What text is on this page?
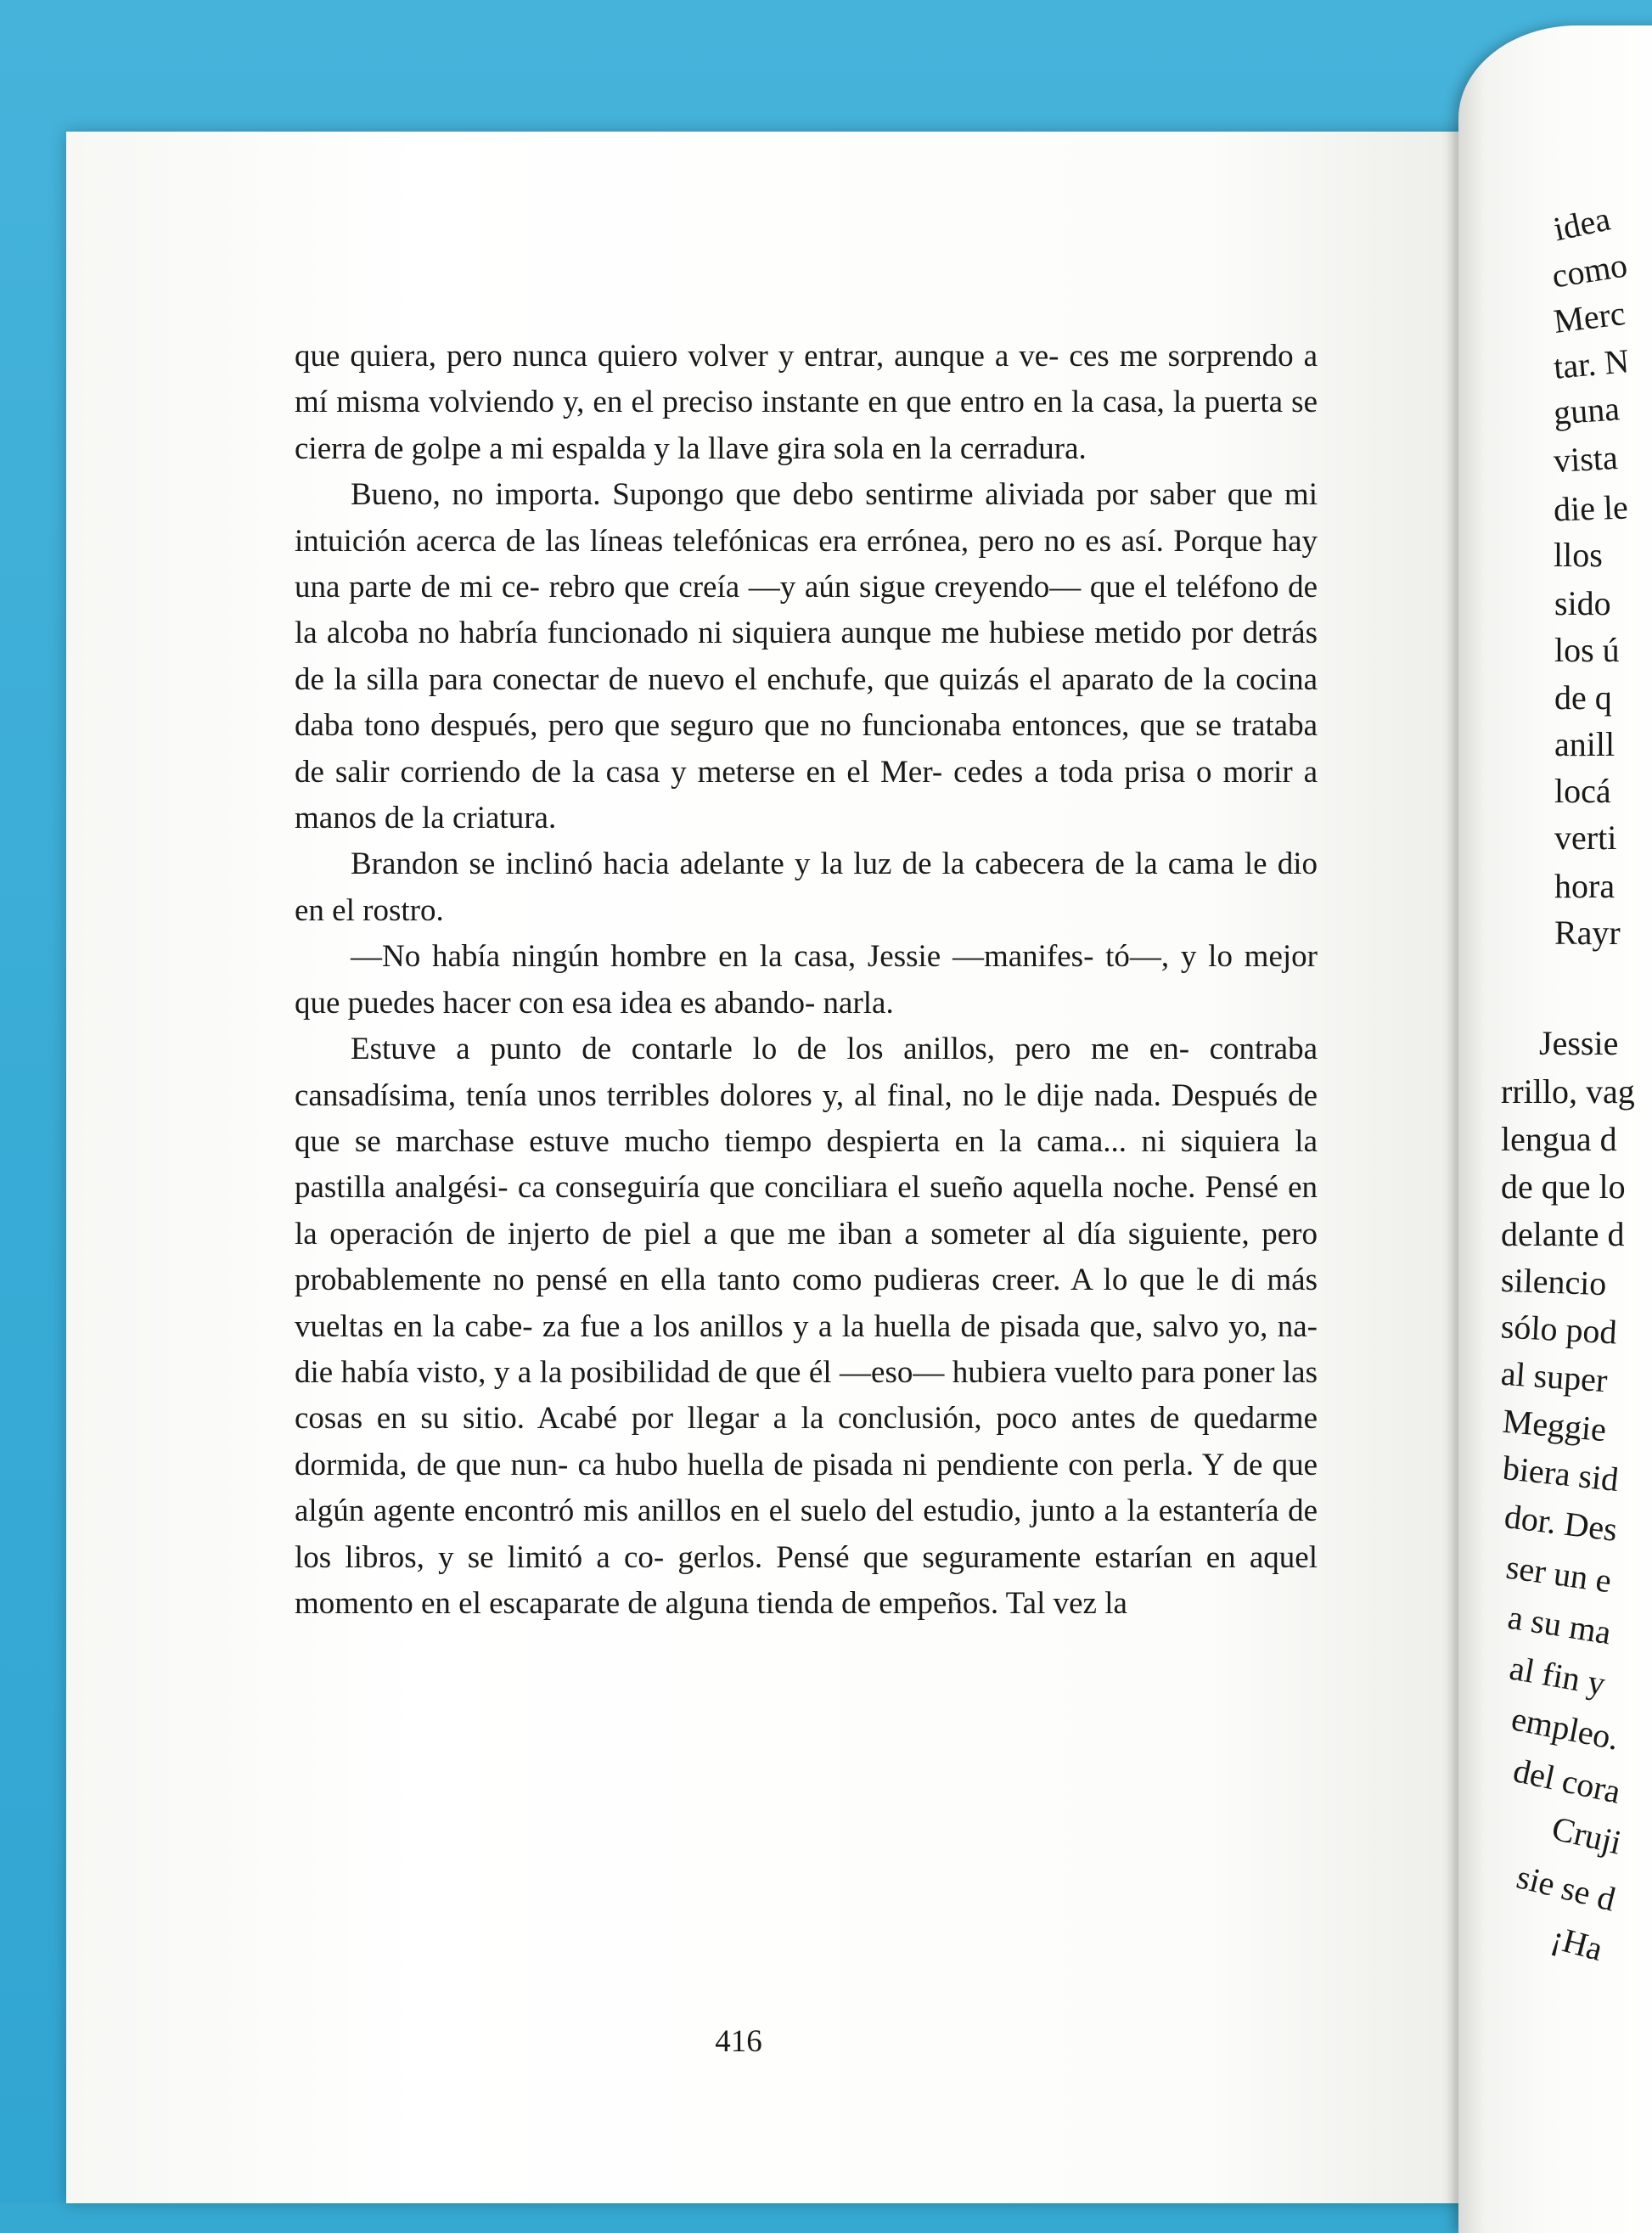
que quiera, pero nunca quiero volver y entrar, aunque a ve- ces me sorprendo a mí misma volviendo y, en el preciso instante en que entro en la casa, la puerta se cierra de golpe a mi espalda y la llave gira sola en la cerradura.

Bueno, no importa. Supongo que debo sentirme aliviada por saber que mi intuición acerca de las líneas telefónicas era errónea, pero no es así. Porque hay una parte de mi ce- rebro que creía —y aún sigue creyendo— que el teléfono de la alcoba no habría funcionado ni siquiera aunque me hubiese metido por detrás de la silla para conectar de nuevo el enchufe, que quizás el aparato de la cocina daba tono después, pero que seguro que no funcionaba entonces, que se trataba de salir corriendo de la casa y meterse en el Mer- cedes a toda prisa o morir a manos de la criatura.

Brandon se inclinó hacia adelante y la luz de la cabecera de la cama le dio en el rostro.

—No había ningún hombre en la casa, Jessie —manifes- tó—, y lo mejor que puedes hacer con esa idea es abando- narla.

Estuve a punto de contarle lo de los anillos, pero me en- contraba cansadísima, tenía unos terribles dolores y, al final, no le dije nada. Después de que se marchase estuve mucho tiempo despierta en la cama... ni siquiera la pastilla analgési- ca conseguiría que conciliara el sueño aquella noche. Pensé en la operación de injerto de piel a que me iban a someter al día siguiente, pero probablemente no pensé en ella tanto como pudieras creer. A lo que le di más vueltas en la cabe- za fue a los anillos y a la huella de pisada que, salvo yo, na- die había visto, y a la posibilidad de que él —eso— hubiera vuelto para poner las cosas en su sitio. Acabé por llegar a la conclusión, poco antes de quedarme dormida, de que nun- ca hubo huella de pisada ni pendiente con perla. Y de que algún agente encontró mis anillos en el suelo del estudio, junto a la estantería de los libros, y se limitó a co- gerlos. Pensé que seguramente estarían en aquel momento en el escaparate de alguna tienda de empeños. Tal vez la

416
idea
como
Merc
tar. N
guna
vista
die le
llos
sido
los ú
de q
anill
locá
verti
hora
Rayr
Jessie
rrillo, vag
lengua d
de que lo
delante d
silencio
sólo pod
al super
Meggie
biera sid
dor. Des
ser un e
a su ma
al fin y
empleo.
del cora
Cruji
sie se d
¡Ha
